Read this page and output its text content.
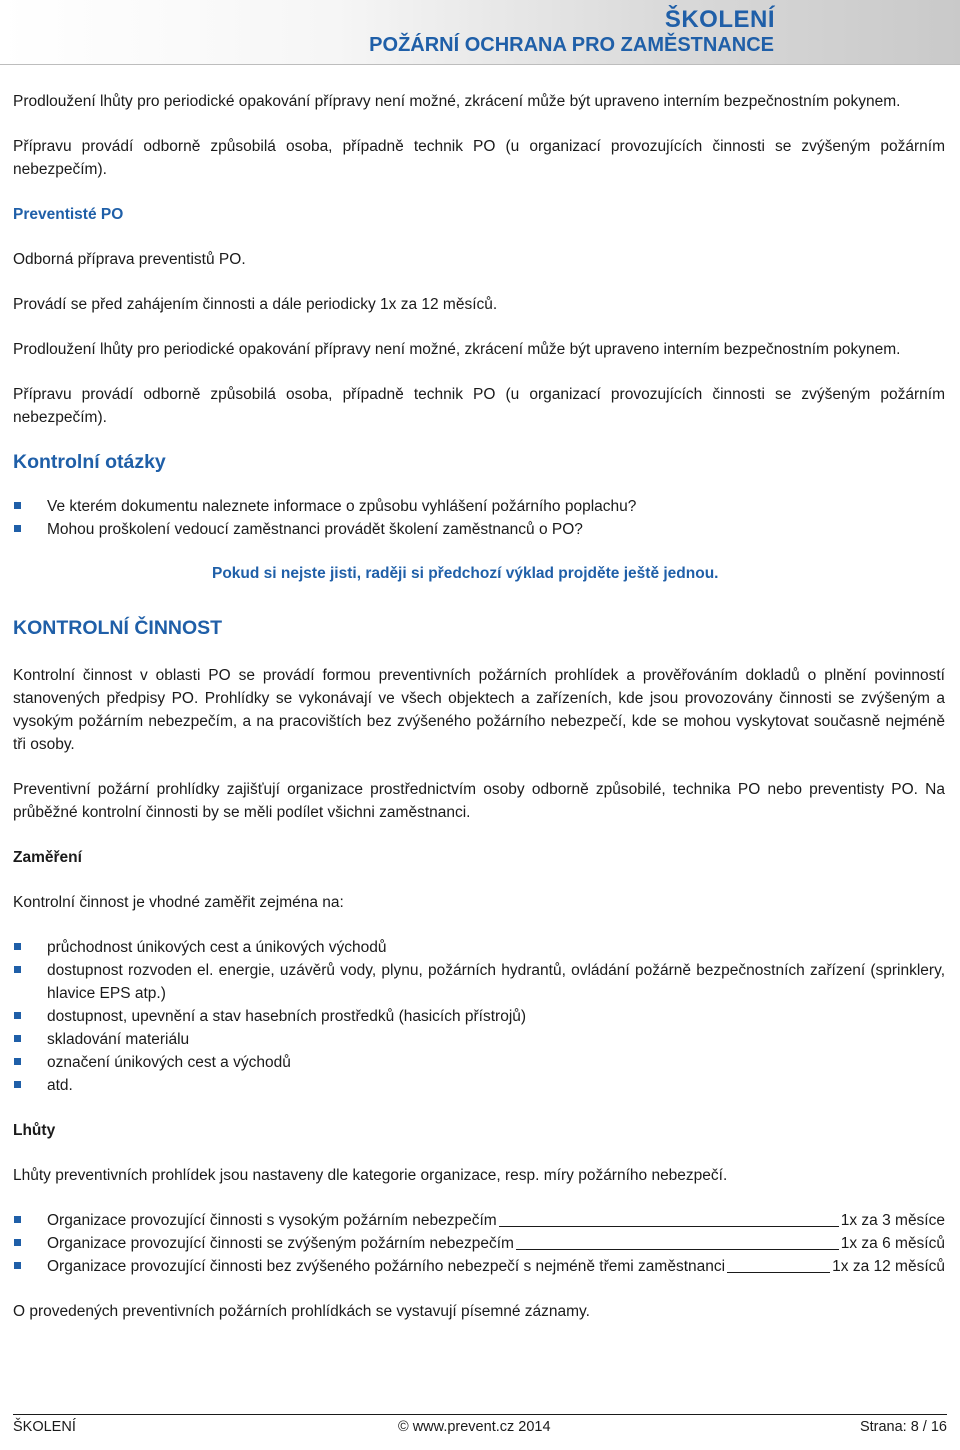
ŠKOLENÍ
POŽÁRNÍ OCHRANA PRO ZAMĚSTNANCE

Prodloužení lhůty pro periodické opakování přípravy není možné, zkrácení může být upraveno interním bezpečnostním pokynem.

Přípravu provádí odborně způsobilá osoba, případně technik PO (u organizací provozujících činnosti se zvýšeným požárním nebezpečím).

Preventisté PO

Odborná příprava preventistů PO.

Provádí se před zahájením činnosti a dále periodicky 1x za 12 měsíců.

Prodloužení lhůty pro periodické opakování přípravy není možné, zkrácení může být upraveno interním bezpečnostním pokynem.

Přípravu provádí odborně způsobilá osoba, případně technik PO (u organizací provozujících činnosti se zvýšeným požárním nebezpečím).

Kontrolní otázky

Ve kterém dokumentu naleznete informace o způsobu vyhlášení požárního poplachu?
Mohou proškolení vedoucí zaměstnanci provádět školení zaměstnanců o PO?

Pokud si nejste jisti, raději si předchozí výklad projděte ještě jednou.

KONTROLNÍ ČINNOST

Kontrolní činnost v oblasti PO se provádí formou preventivních požárních prohlídek a prověřováním dokladů o plnění povinností stanovených předpisy PO. Prohlídky se vykonávají ve všech objektech a zařízeních, kde jsou provozovány činnosti se zvýšeným a vysokým požárním nebezpečím, a na pracovištích bez zvýšeného požárního nebezpečí, kde se mohou vyskytovat současně nejméně tři osoby.

Preventivní požární prohlídky zajišťují organizace prostřednictvím osoby odborně způsobilé, technika PO nebo preventisty PO. Na průběžné kontrolní činnosti by se měli podílet všichni zaměstnanci.

Zaměření

Kontrolní činnost je vhodné zaměřit zejména na:

průchodnost únikových cest a únikových východů
dostupnost rozvoden el. energie, uzávěrů vody, plynu, požárních hydrantů, ovládání požárně bezpečnostních zařízení (sprinklery, hlavice EPS atp.)
dostupnost, upevnění a stav hasebních prostředků (hasicích přístrojů)
skladování materiálu
označení únikových cest a východů
atd.

Lhůty

Lhůty preventivních prohlídek jsou nastaveny dle kategorie organizace, resp. míry požárního nebezpečí.

Organizace provozující činnosti s vysokým požárním nebezpečím	1x za 3 měsíce
Organizace provozující činnosti se zvýšeným požárním nebezpečím	1x za 6 měsíců
Organizace provozující činnosti bez zvýšeného požárního nebezpečí s nejméně třemi zaměstnanci	1x za 12 měsíců

O provedených preventivních požárních prohlídkách se vystavují písemné záznamy.

ŠKOLENÍ	© www.prevent.cz 2014	Strana: 8 / 16
